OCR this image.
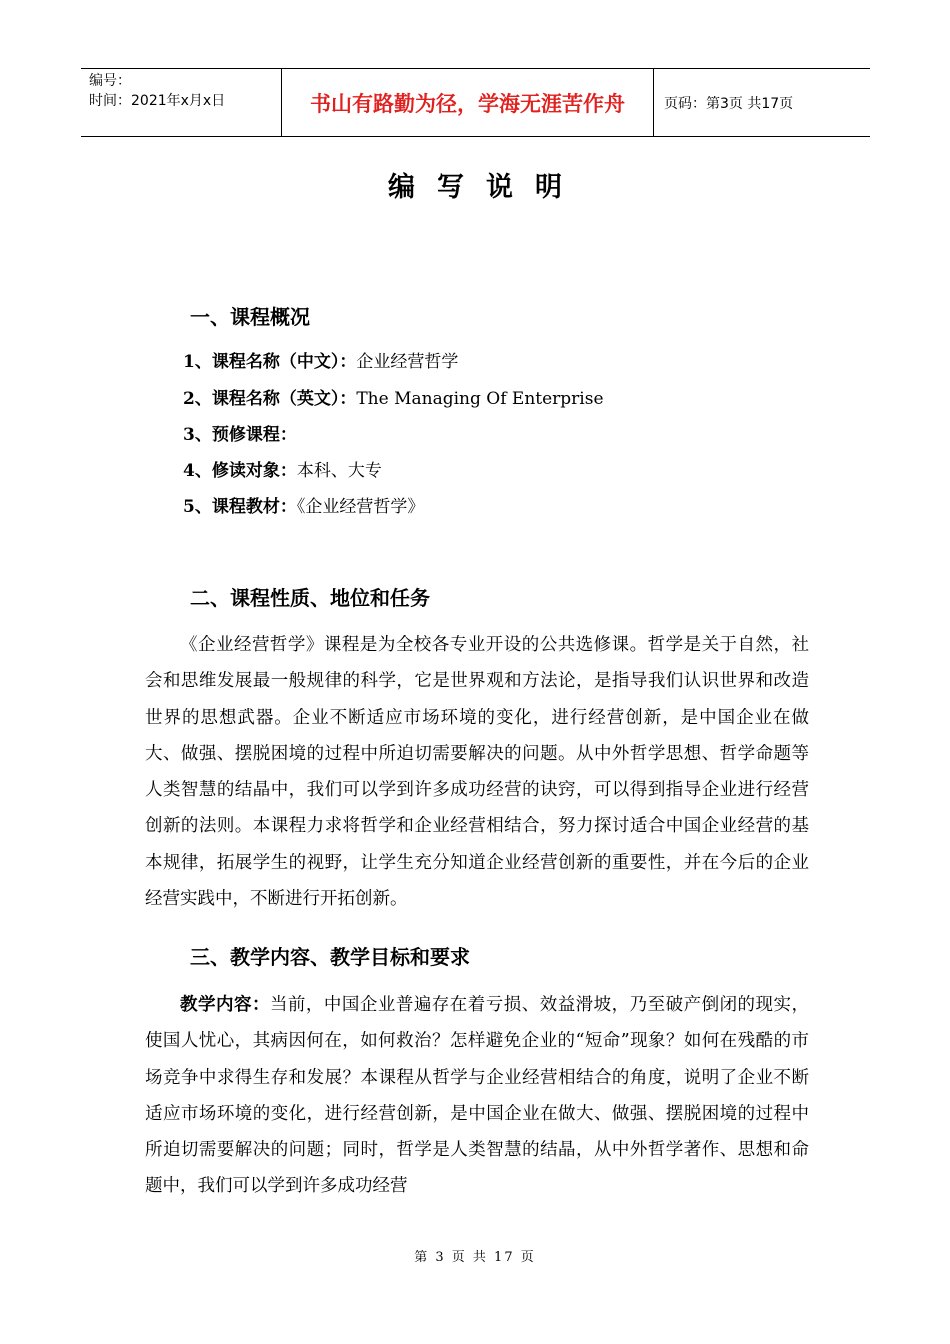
编号：
时间：2021年x月x日	书山有路勤为径，学海无涯苦作舟	页码：第3页 共17页
编写说明
一、课程概况
1、课程名称（中文）：企业经营哲学
2、课程名称（英文）：The Managing Of Enterprise
3、预修课程：
4、修读对象：本科、大专
5、课程教材：《企业经营哲学》
二、课程性质、地位和任务
《企业经营哲学》课程是为全校各专业开设的公共选修课。哲学是关于自然，社会和思维发展最一般规律的科学，它是世界观和方法论，是指导我们认识世界和改造世界的思想武器。企业不断适应市场环境的变化，进行经营创新，是中国企业在做大、做强、摆脱困境的过程中所迫切需要解决的问题。从中外哲学思想、哲学命题等人类智慧的结晶中，我们可以学到许多成功经营的诀窍，可以得到指导企业进行经营创新的法则。本课程力求将哲学和企业经营相结合，努力探讨适合中国企业经营的基本规律，拓展学生的视野，让学生充分知道企业经营创新的重要性，并在今后的企业经营实践中，不断进行开拓创新。
三、教学内容、教学目标和要求
教学内容：当前，中国企业普遍存在着亏损、效益滑坡，乃至破产倒闭的现实，使国人忧心，其病因何在，如何救治？怎样避免企业的“短命”现象？如何在残酷的市场竞争中求得生存和发展？本课程从哲学与企业经营相结合的角度，说明了企业不断适应市场环境的变化，进行经营创新，是中国企业在做大、做强、摆脱困境的过程中所迫切需要解决的问题；同时，哲学是人类智慧的结晶，从中外哲学著作、思想和命题中，我们可以学到许多成功经营
第 3 页 共 17 页
